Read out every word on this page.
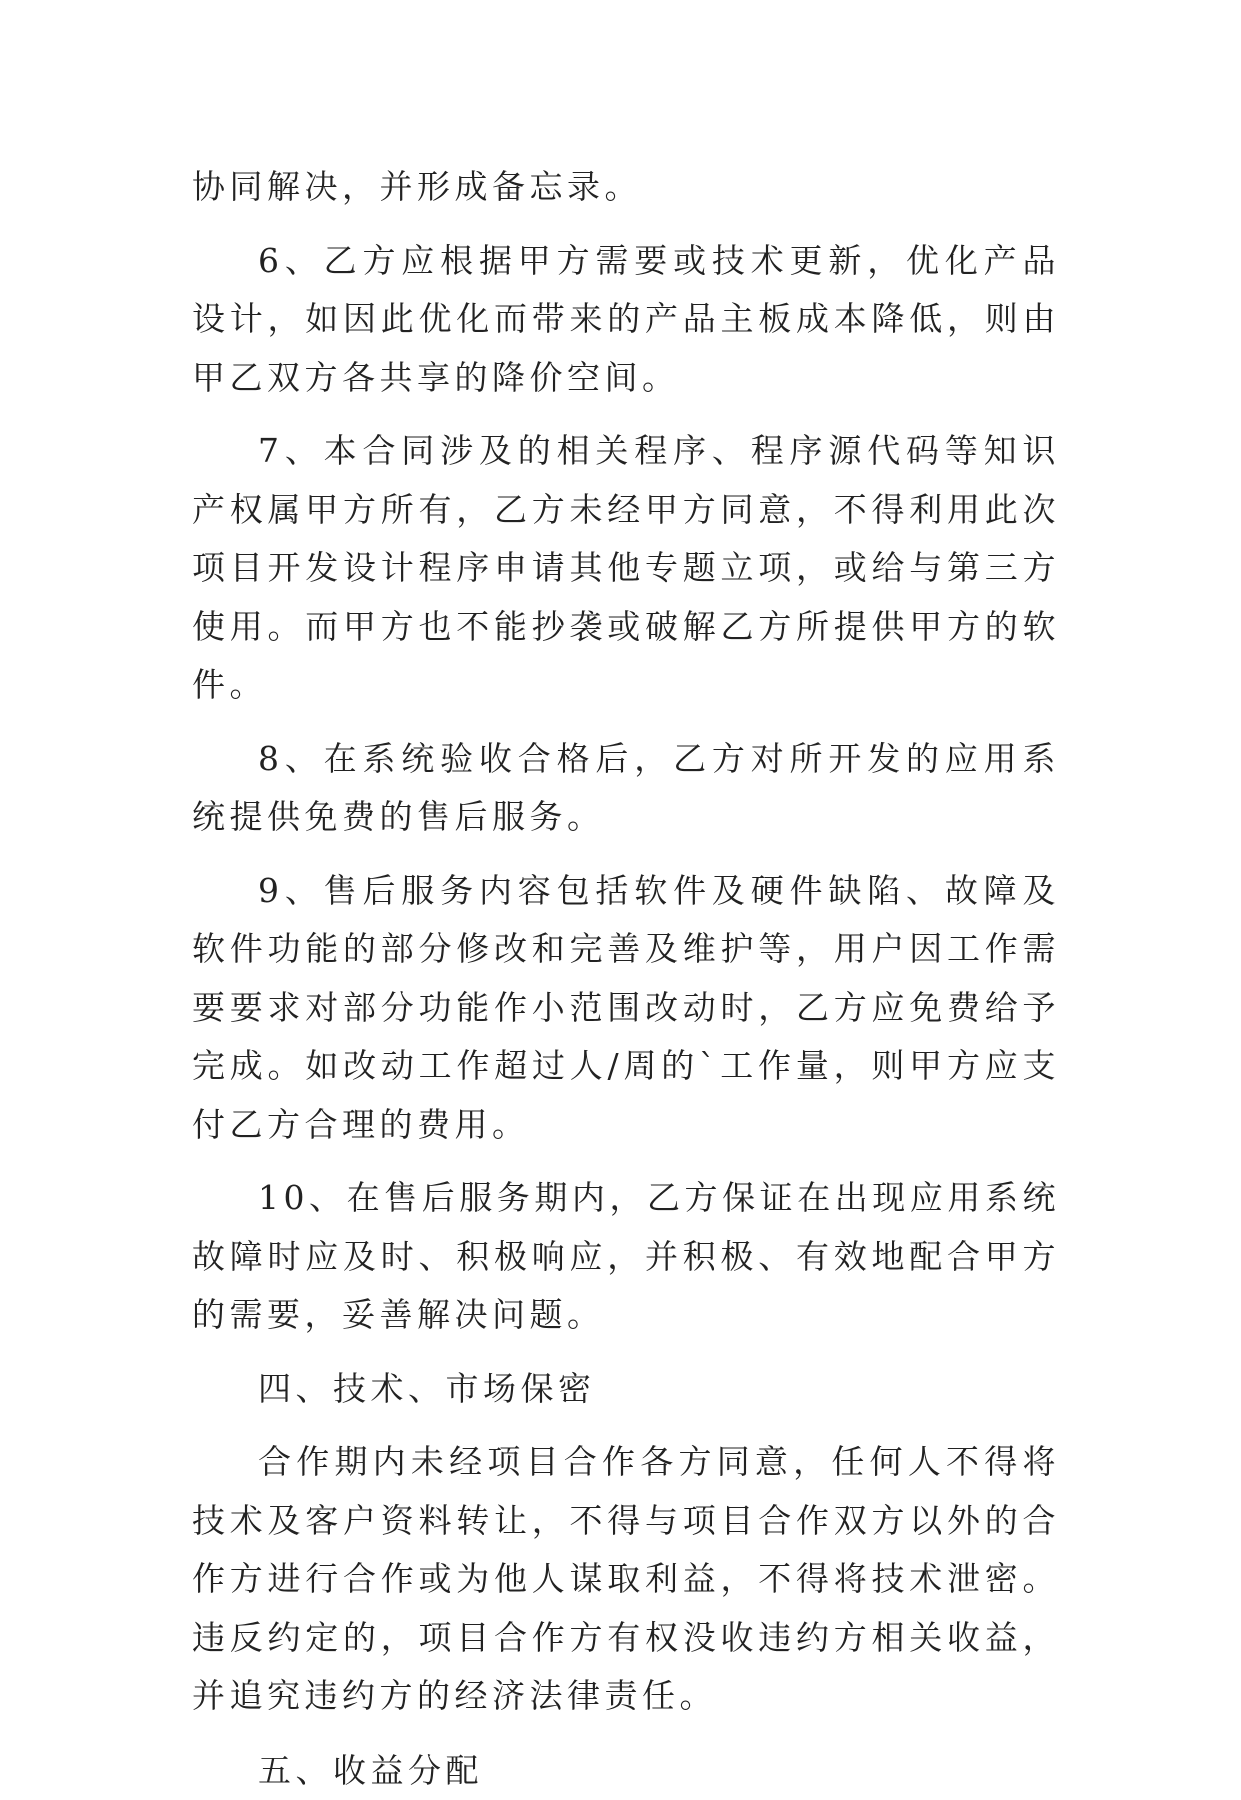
协同解决，并形成备忘录。

6、乙方应根据甲方需要或技术更新，优化产品设计，如因此优化而带来的产品主板成本降低，则由甲乙双方各共享的降价空间。

7、本合同涉及的相关程序、程序源代码等知识产权属甲方所有，乙方未经甲方同意，不得利用此次项目开发设计程序申请其他专题立项，或给与第三方使用。而甲方也不能抄袭或破解乙方所提供甲方的软件。

8、在系统验收合格后，乙方对所开发的应用系统提供免费的售后服务。

9、售后服务内容包括软件及硬件缺陷、故障及软件功能的部分修改和完善及维护等，用户因工作需要要求对部分功能作小范围改动时，乙方应免费给予完成。如改动工作超过人/周的`工作量，则甲方应支付乙方合理的费用。

10、在售后服务期内，乙方保证在出现应用系统故障时应及时、积极响应，并积极、有效地配合甲方的需要，妥善解决问题。

四、技术、市场保密

合作期内未经项目合作各方同意，任何人不得将技术及客户资料转让，不得与项目合作双方以外的合作方进行合作或为他人谋取利益，不得将技术泄密。违反约定的，项目合作方有权没收违约方相关收益，并追究违约方的经济法律责任。

五、收益分配
